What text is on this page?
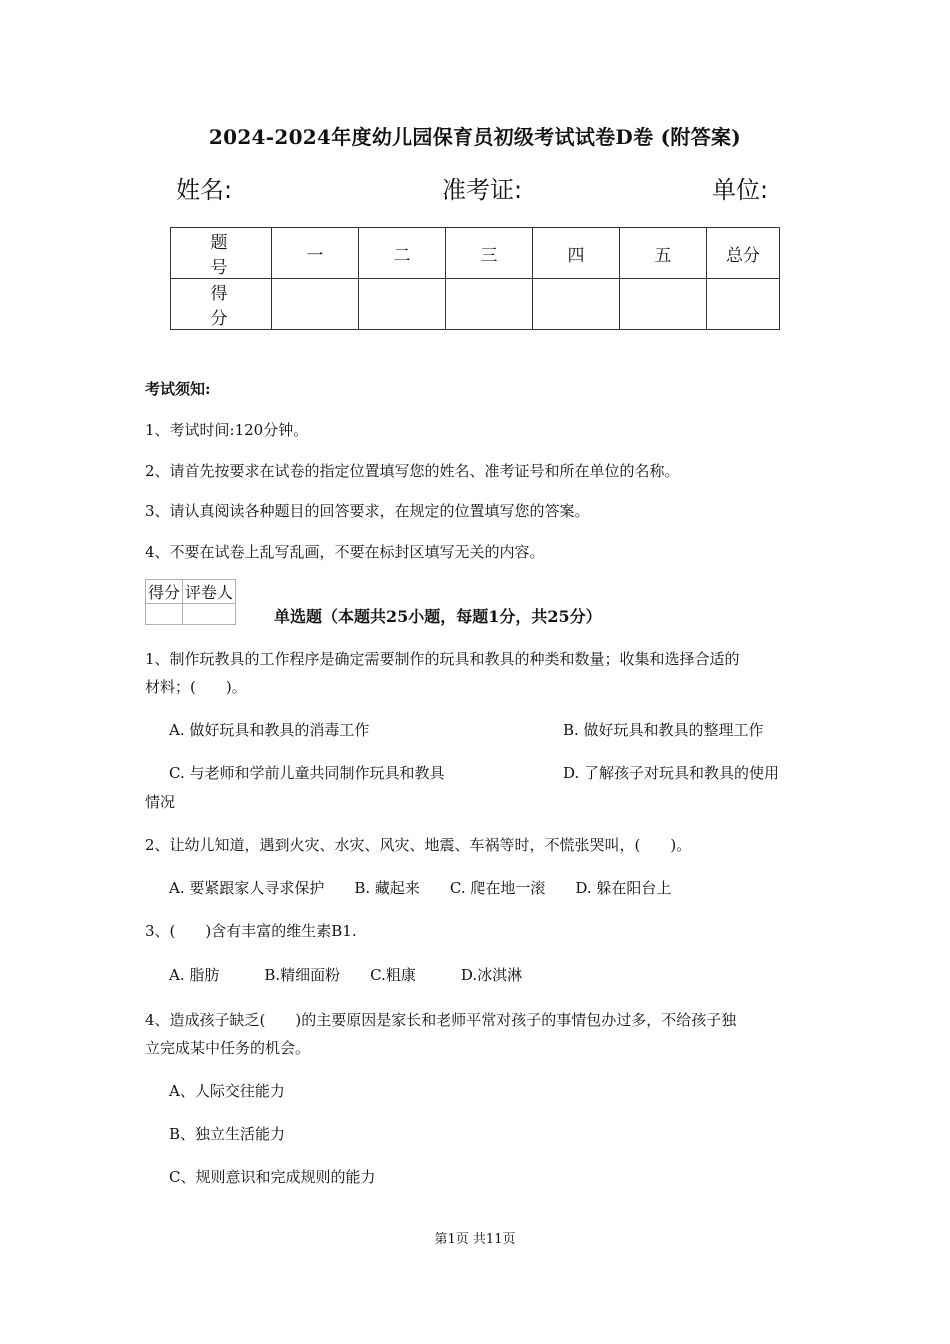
2024-2024年度幼儿园保育员初级考试试卷D卷 (附答案)
姓名:	准考证:	单位:
题 号	一	二	三	四	五	总分
得 分						
考试须知:
1、考试时间:120分钟。
2、请首先按要求在试卷的指定位置填写您的姓名、准考证号和所在单位的名称。
3、请认真阅读各种题目的回答要求，在规定的位置填写您的答案。
4、不要在试卷上乱写乱画，不要在标封区填写无关的内容。
得分	评卷人

单选题（本题共25小题，每题1分，共25分）
1、制作玩教具的工作程序是确定需要制作的玩具和教具的种类和数量；收集和选择合适的
材料；(　　)。
A. 做好玩具和教具的消毒工作	B. 做好玩具和教具的整理工作
C. 与老师和学前儿童共同制作玩具和教具	D. 了解孩子对玩具和教具的使用
情况
2、让幼儿知道，遇到火灾、水灾、风灾、地震、车祸等时，不慌张哭叫，(　　)。
A. 要紧跟家人寻求保护　　B. 藏起来　　C. 爬在地一滚　　D. 躲在阳台上
3、(　　)含有丰富的维生素B1.
A. 脂肪　　　B.精细面粉　　C.粗康　　　D.冰淇淋
4、造成孩子缺乏(　　)的主要原因是家长和老师平常对孩子的事情包办过多，不给孩子独
立完成某中任务的机会。
A、人际交往能力
B、独立生活能力
C、规则意识和完成规则的能力
第1页 共11页
